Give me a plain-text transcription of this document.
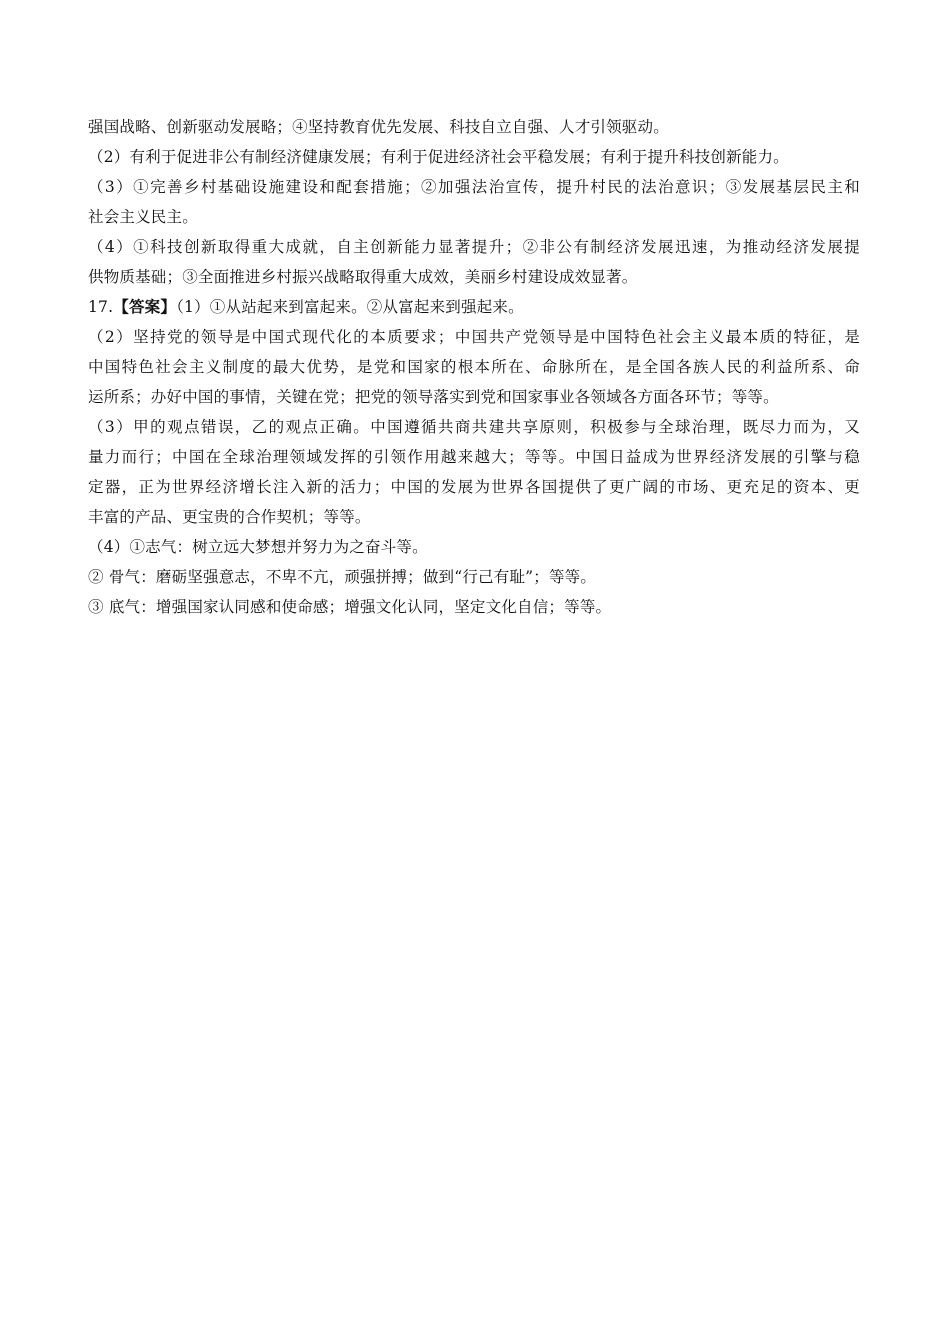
强国战略、创新驱动发展略；④坚持教育优先发展、科技自立自强、人才引领驱动。
（2）有利于促进非公有制经济健康发展；有利于促进经济社会平稳发展；有利于提升科技创新能力。
（3）①完善乡村基础设施建设和配套措施；②加强法治宣传，提升村民的法治意识；③发展基层民主和
社会主义民主。
（4）①科技创新取得重大成就，自主创新能力显著提升；②非公有制经济发展迅速，为推动经济发展提
供物质基础；③全面推进乡村振兴战略取得重大成效，美丽乡村建设成效显著。
17.【答案】（1）①从站起来到富起来。②从富起来到强起来。
（2）坚持党的领导是中国式现代化的本质要求；中国共产党领导是中国特色社会主义最本质的特征，是
中国特色社会主义制度的最大优势，是党和国家的根本所在、命脉所在，是全国各族人民的利益所系、命
运所系；办好中国的事情，关键在党；把党的领导落实到党和国家事业各领域各方面各环节；等等。
（3）甲的观点错误，乙的观点正确。中国遵循共商共建共享原则，积极参与全球治理，既尽力而为，又
量力而行；中国在全球治理领域发挥的引领作用越来越大；等等。中国日益成为世界经济发展的引擎与稳
定器，正为世界经济增长注入新的活力；中国的发展为世界各国提供了更广阔的市场、更充足的资本、更
丰富的产品、更宝贵的合作契机；等等。
（4）①志气：树立远大梦想并努力为之奋斗等。
② 骨气：磨砺坚强意志，不卑不亢，顽强拼搏；做到“行己有耻”；等等。
③ 底气：增强国家认同感和使命感；增强文化认同，坚定文化自信；等等。
